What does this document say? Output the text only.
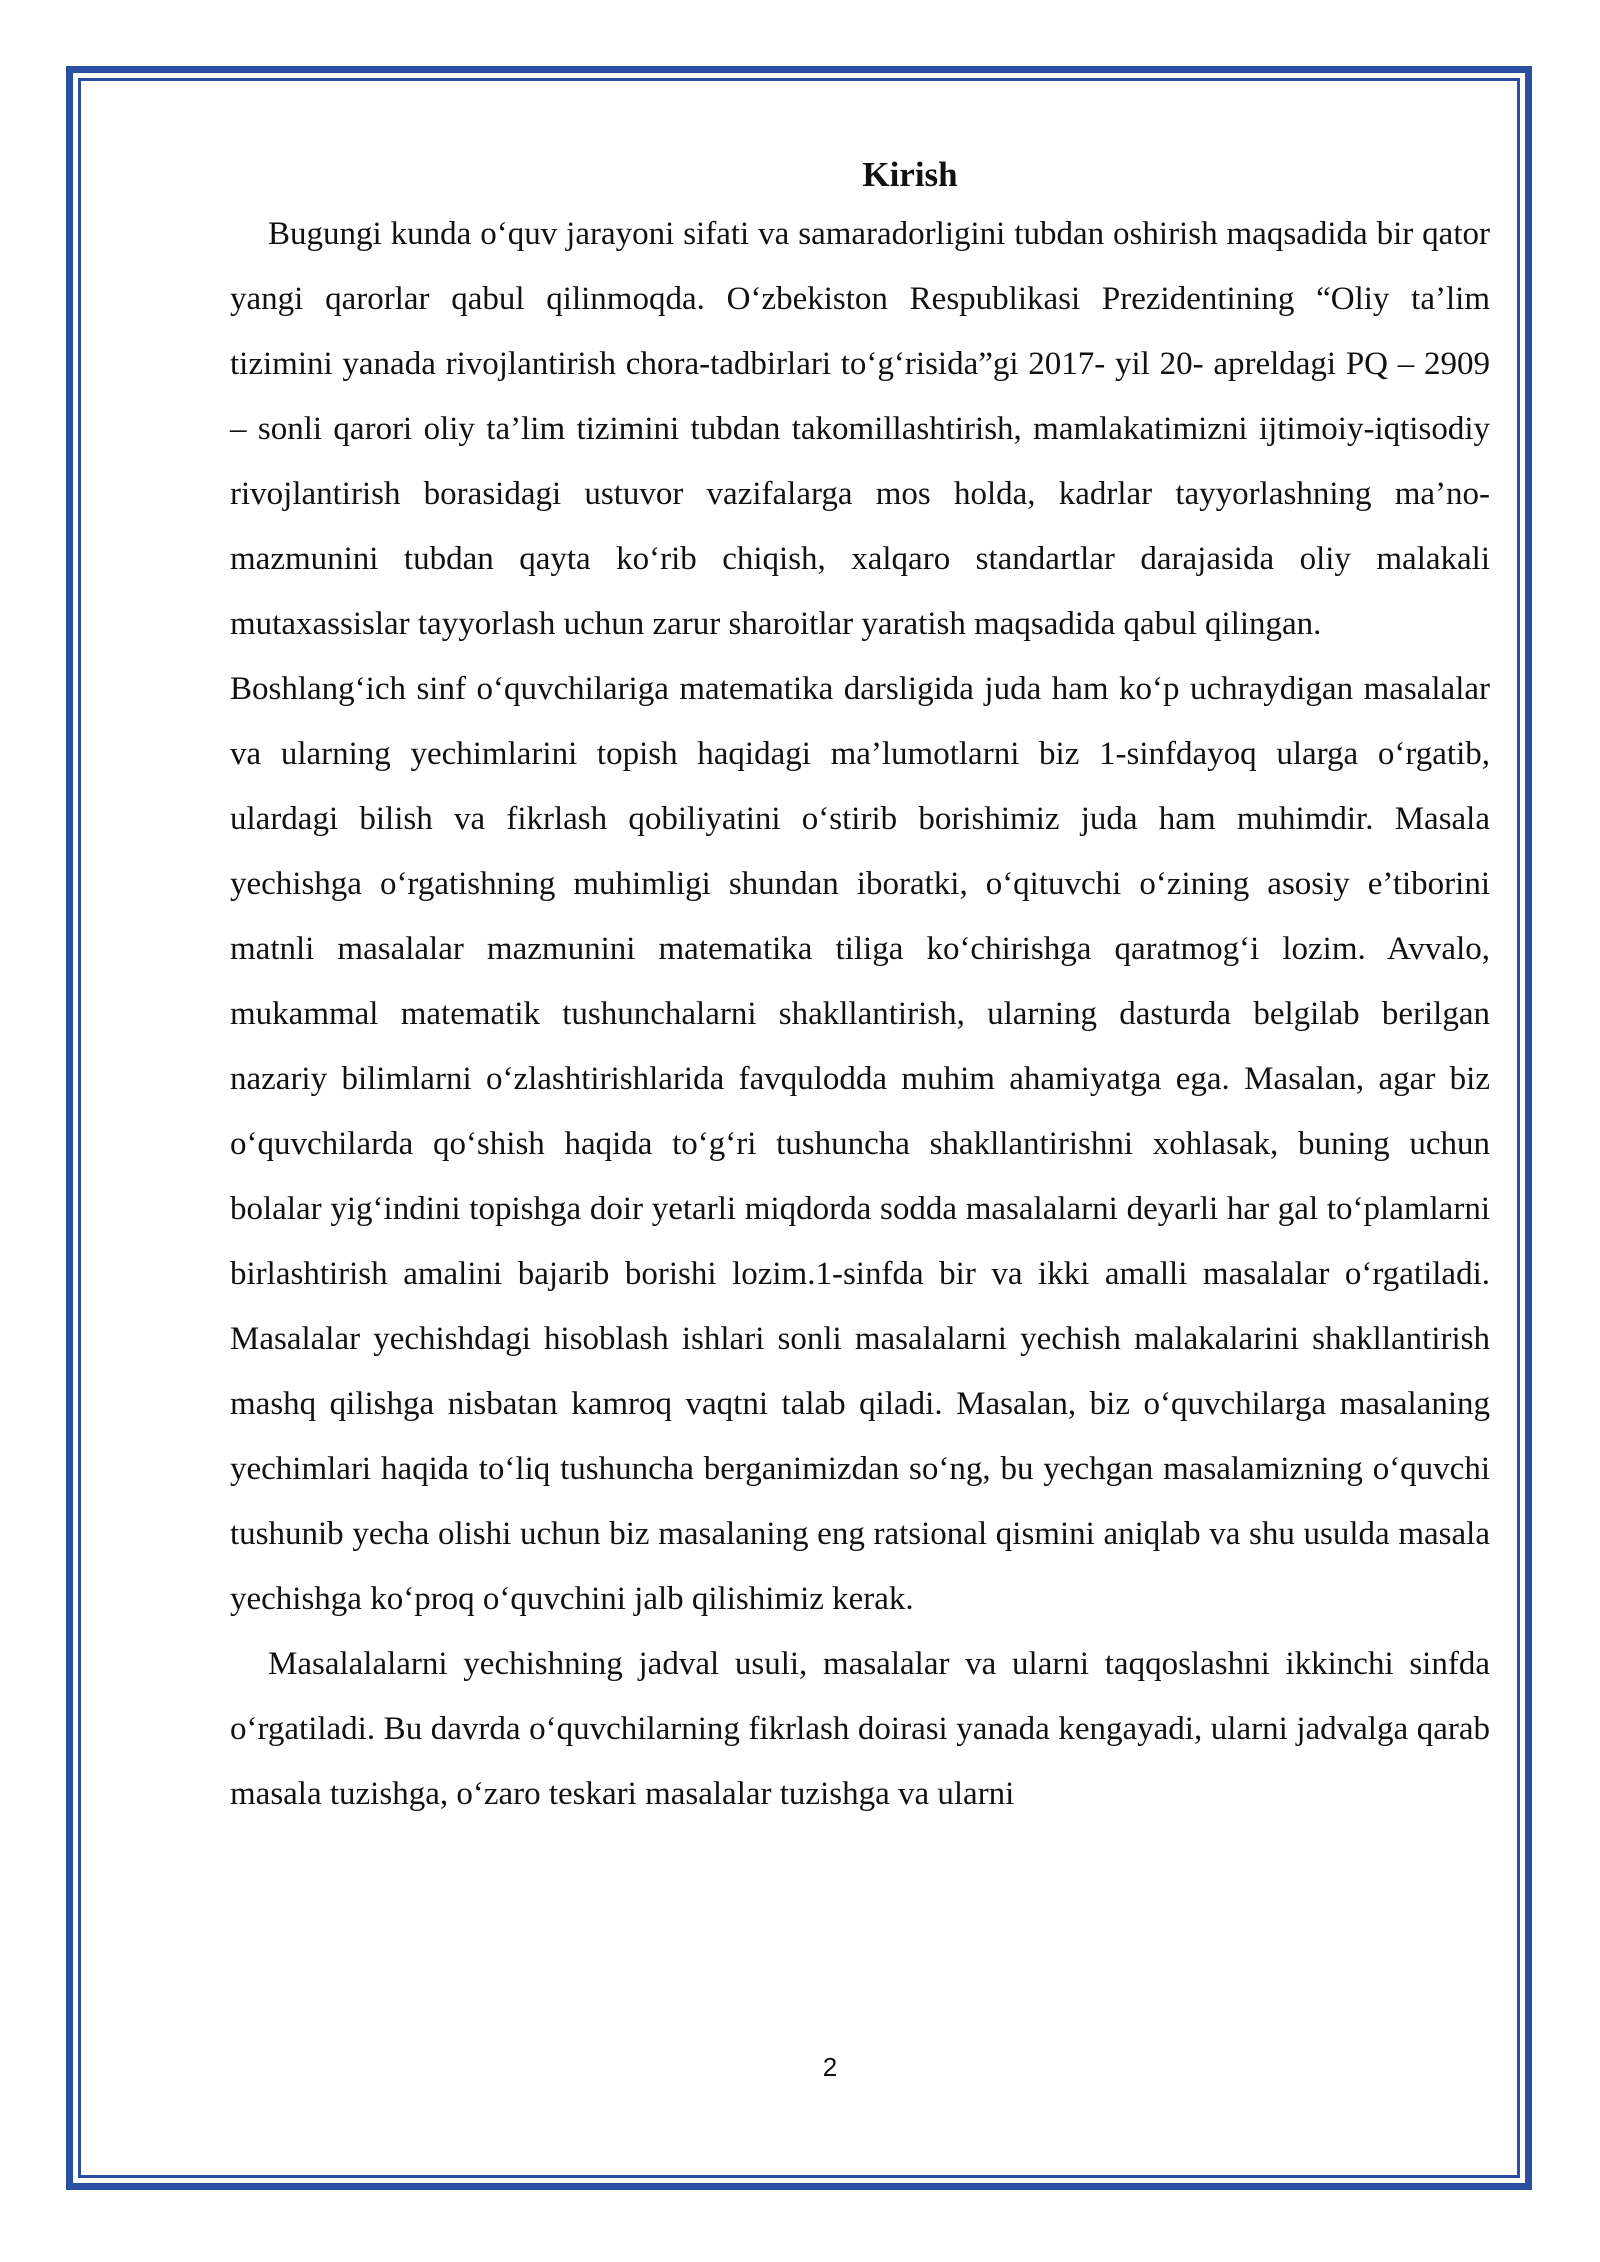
Kirish

Bugungi kunda o‘quv jarayoni sifati va samaradorligini tubdan oshirish maqsadida bir qator yangi qarorlar qabul qilinmoqda. O‘zbekiston Respublikasi Prezidentining “Oliy ta’lim tizimini yanada rivojlantirish chora-tadbirlari to‘g‘risida”gi 2017- yil 20- apreldagi PQ – 2909 – sonli qarori oliy ta’lim tizimini tubdan takomillashtirish, mamlakatimizni ijtimoiy-iqtisodiy rivojlantirish borasidagi ustuvor vazifalarga mos holda, kadrlar tayyorlashning ma’no- mazmunini tubdan qayta ko‘rib chiqish, xalqaro standartlar darajasida oliy malakali mutaxassislar tayyorlash uchun zarur sharoitlar yaratish maqsadida qabul qilingan.

Boshlang‘ich sinf o‘quvchilariga matematika darsligida juda ham ko‘p uchraydigan masalalar va ularning yechimlarini topish haqidagi ma’lumotlarni biz 1-sinfdayoq ularga o‘rgatib, ulardagi bilish va fikrlash qobiliyatini o‘stirib borishimiz juda ham muhimdir. Masala yechishga o‘rgatishning muhimligi shundan iboratki, o‘qituvchi o‘zining asosiy e’tiborini matnli masalalar mazmunini matematika tiliga ko‘chirishga qaratmog‘i lozim. Avvalo, mukammal matematik tushunchalarni shakllantirish, ularning dasturda belgilab berilgan nazariy bilimlarni o‘zlashtirishlarida favqulodda muhim ahamiyatga ega. Masalan, agar biz o‘quvchilarda qo‘shish haqida to‘g‘ri tushuncha shakllantirishni xohlasak, buning uchun bolalar yig‘indini topishga doir yetarli miqdorda sodda masalalarni deyarli har gal to‘plamlarni birlashtirish amalini bajarib borishi lozim.1-sinfda bir va ikki amalli masalalar o‘rgatiladi. Masalalar yechishdagi hisoblash ishlari sonli masalalarni yechish malakalarini shakllantirish mashq qilishga nisbatan kamroq vaqtni talab qiladi. Masalan, biz o‘quvchilarga masalaning yechimlari haqida to‘liq tushuncha berganimizdan so‘ng, bu yechgan masalamizning o‘quvchi tushunib yecha olishi uchun biz masalaning eng ratsional qismini aniqlab va shu usulda masala yechishga ko‘proq o‘quvchini jalb qilishimiz kerak.

Masalalalarni yechishning jadval usuli, masalalar va ularni taqqoslashni ikkinchi sinfda o‘rgatiladi. Bu davrda o‘quvchilarning fikrlash doirasi yanada kengayadi, ularni jadvalga qarab masala tuzishga, o‘zaro teskari masalalar tuzishga va ularni

2
